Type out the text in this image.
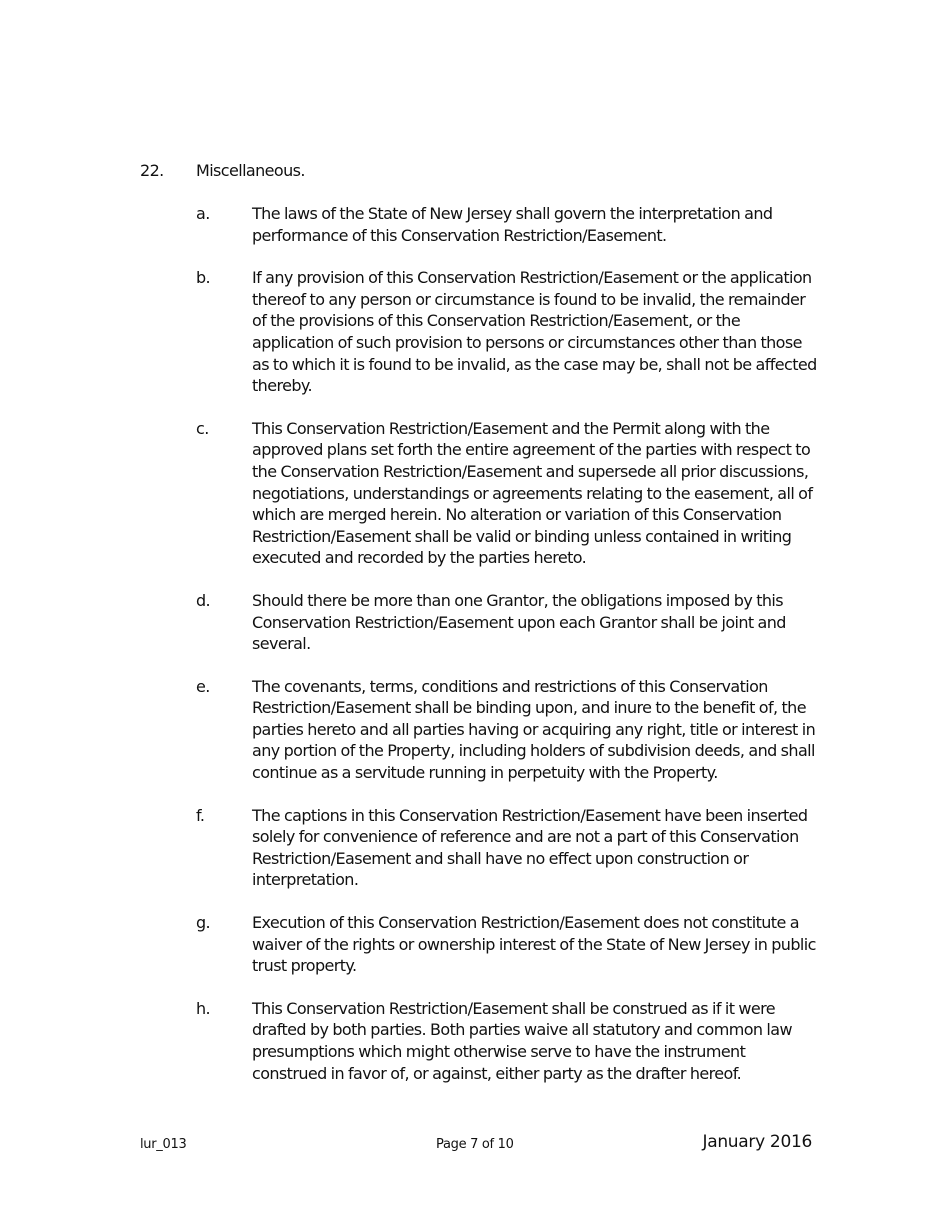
22. Miscellaneous.
a.	The laws of the State of New Jersey shall govern the interpretation and performance of this Conservation Restriction/Easement.
b.	If any provision of this Conservation Restriction/Easement or the application thereof to any person or circumstance is found to be invalid, the remainder of the provisions of this Conservation Restriction/Easement, or the application of such provision to persons or circumstances other than those as to which it is found to be invalid, as the case may be, shall not be affected thereby.
c.	This Conservation Restriction/Easement and the Permit along with the approved plans set forth the entire agreement of the parties with respect to the Conservation Restriction/Easement and supersede all prior discussions, negotiations, understandings or agreements relating to the easement, all of which are merged herein. No alteration or variation of this Conservation Restriction/Easement shall be valid or binding unless contained in writing executed and recorded by the parties hereto.
d.	Should there be more than one Grantor, the obligations imposed by this Conservation Restriction/Easement upon each Grantor shall be joint and several.
e.	The covenants, terms, conditions and restrictions of this Conservation Restriction/Easement shall be binding upon, and inure to the benefit of, the parties hereto and all parties having or acquiring any right, title or interest in any portion of the Property, including holders of subdivision deeds, and shall continue as a servitude running in perpetuity with the Property.
f.	The captions in this Conservation Restriction/Easement have been inserted solely for convenience of reference and are not a part of this Conservation Restriction/Easement and shall have no effect upon construction or interpretation.
g.	Execution of this Conservation Restriction/Easement does not constitute a waiver of the rights or ownership interest of the State of New Jersey in public trust property.
h.	This Conservation Restriction/Easement shall be construed as if it were drafted by both parties. Both parties waive all statutory and common law presumptions which might otherwise serve to have the instrument construed in favor of, or against, either party as the drafter hereof.
lur_013	Page 7 of 10	January 2016
